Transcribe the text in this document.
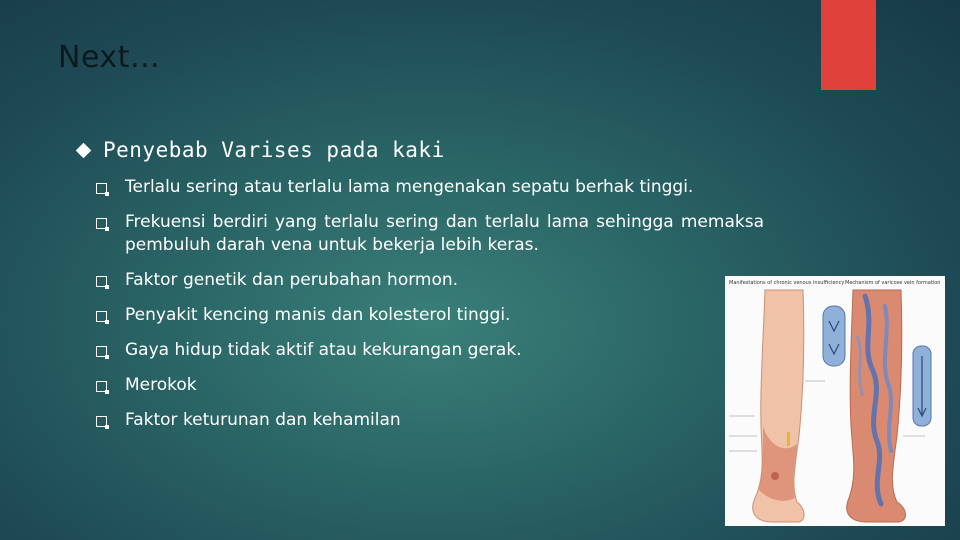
Next…
Penyebab Varises pada kaki
Terlalu sering atau terlalu lama mengenakan sepatu berhak tinggi.
Frekuensi berdiri yang terlalu sering dan terlalu lama sehingga memaksa pembuluh darah vena untuk bekerja lebih keras.
Faktor genetik dan perubahan hormon.
Penyakit kencing manis dan kolesterol tinggi.
Gaya hidup tidak aktif atau kekurangan gerak.
Merokok
Faktor keturunan dan kehamilan

Manifestations of chronic venous insufficiency Mechanism of varicose vein formation
